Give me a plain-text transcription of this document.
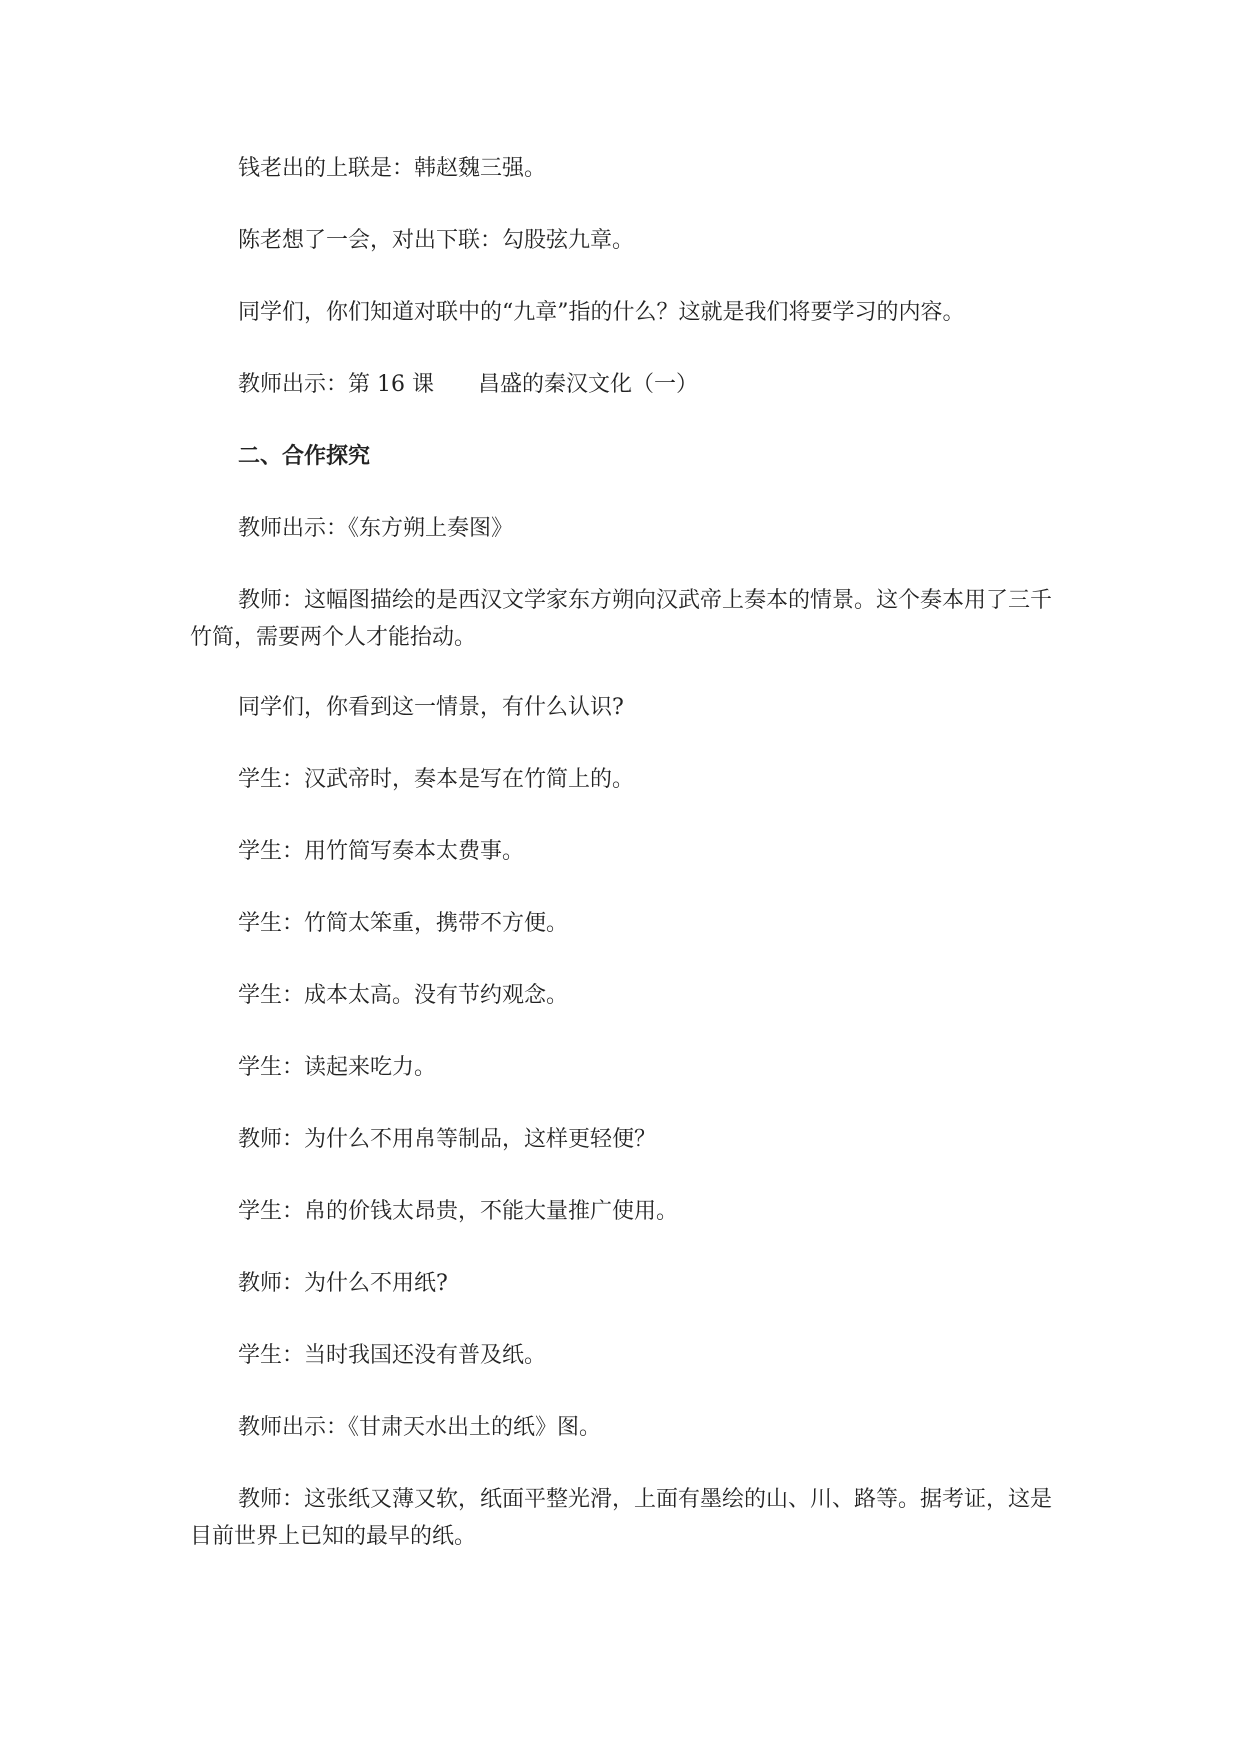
钱老出的上联是：韩赵魏三强。

陈老想了一会，对出下联：勾股弦九章。

同学们，你们知道对联中的“九章”指的什么？这就是我们将要学习的内容。

教师出示：第 16 课 昌盛的秦汉文化（一）

二、合作探究

教师出示：《东方朔上奏图》

教师：这幅图描绘的是西汉文学家东方朔向汉武帝上奏本的情景。这个奏本用了三千竹简，需要两个人才能抬动。

同学们，你看到这一情景，有什么认识?

学生：汉武帝时，奏本是写在竹简上的。

学生：用竹简写奏本太费事。

学生：竹简太笨重，携带不方便。

学生：成本太高。没有节约观念。

学生：读起来吃力。

教师：为什么不用帛等制品，这样更轻便？

学生：帛的价钱太昂贵，不能大量推广使用。

教师：为什么不用纸?

学生：当时我国还没有普及纸。

教师出示：《甘肃天水出土的纸》图。

教师：这张纸又薄又软，纸面平整光滑，上面有墨绘的山、川、路等。据考证，这是目前世界上已知的最早的纸。
